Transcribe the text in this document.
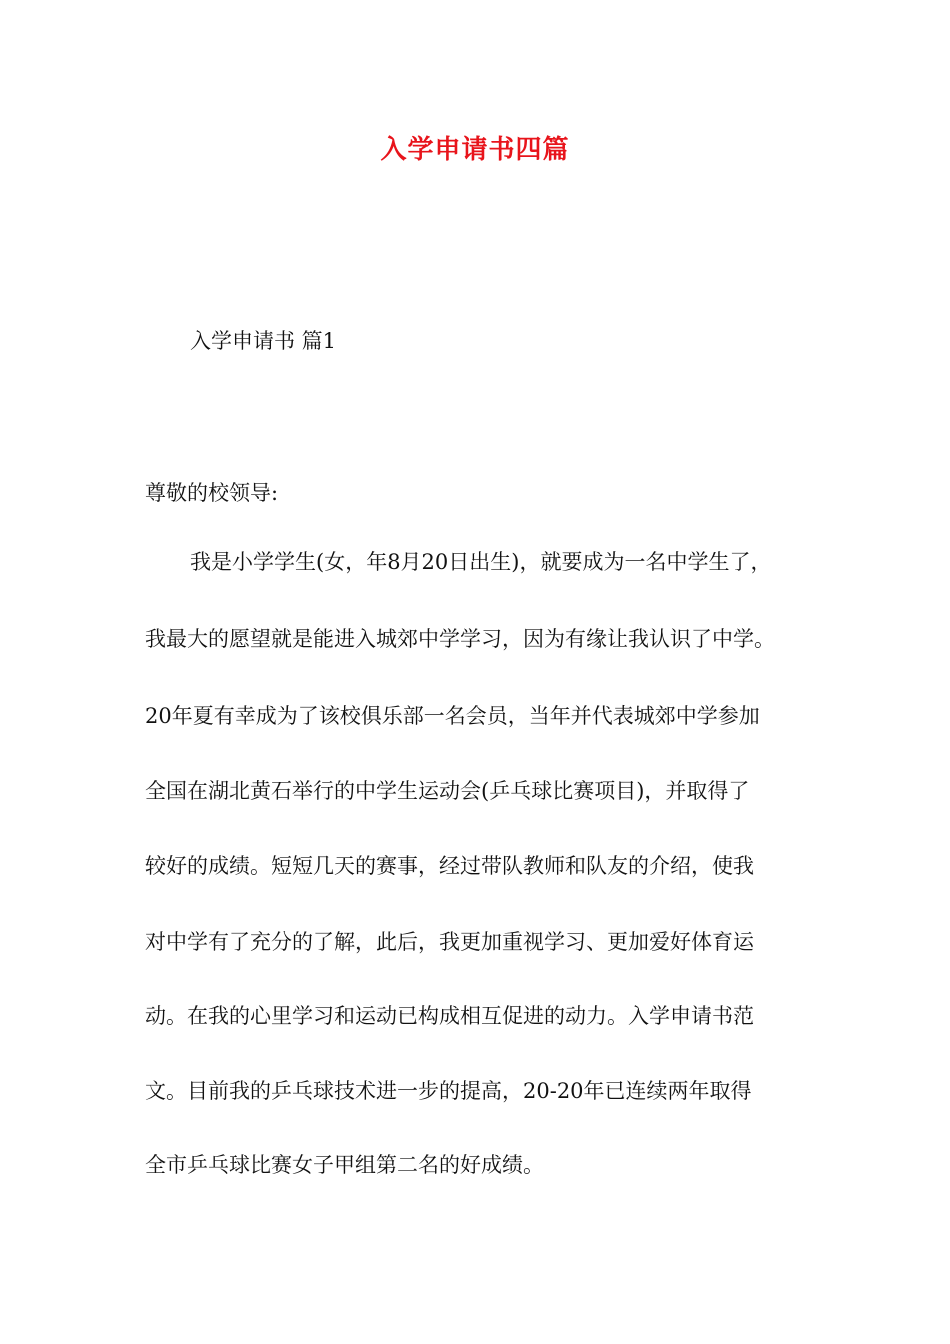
入学申请书四篇

入学申请书 篇1

尊敬的校领导:

我是小学学生(女，年8月20日出生)，就要成为一名中学生了，

我最大的愿望就是能进入城郊中学学习，因为有缘让我认识了中学。

20年夏有幸成为了该校俱乐部一名会员，当年并代表城郊中学参加

全国在湖北黄石举行的中学生运动会(乒乓球比赛项目)，并取得了

较好的成绩。短短几天的赛事，经过带队教师和队友的介绍，使我

对中学有了充分的了解，此后，我更加重视学习、更加爱好体育运

动。在我的心里学习和运动已构成相互促进的动力。入学申请书范

文。目前我的乒乓球技术进一步的提高，20-20年已连续两年取得

全市乒乓球比赛女子甲组第二名的好成绩。
